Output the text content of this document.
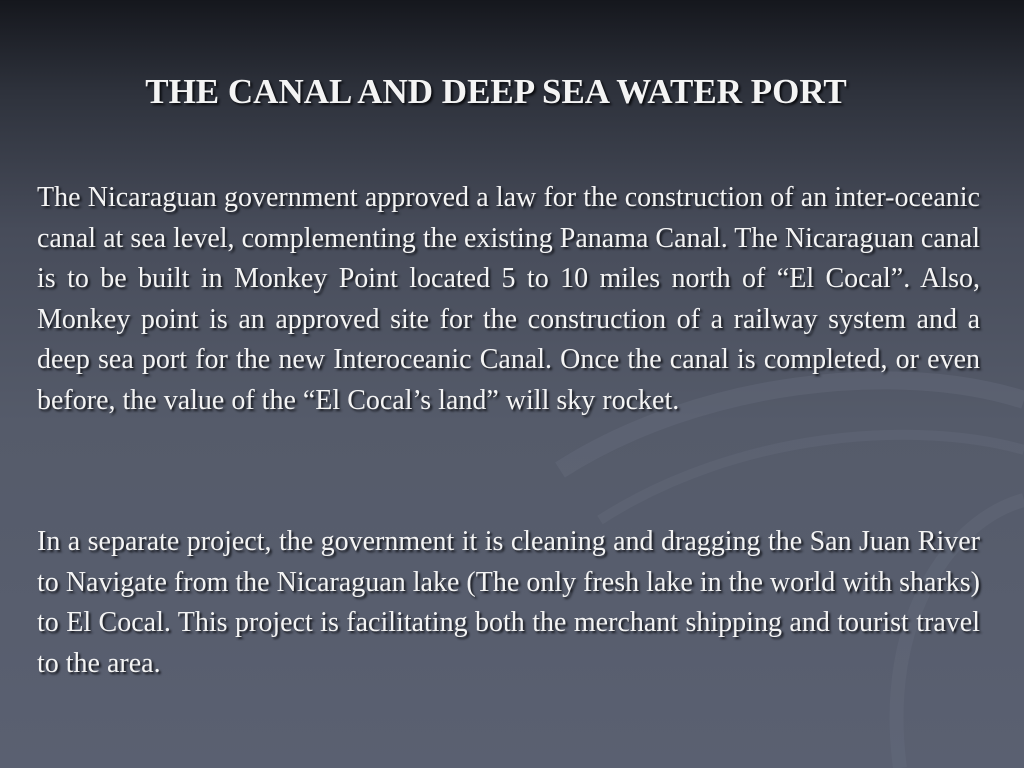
THE CANAL AND DEEP SEA WATER PORT
The Nicaraguan government approved a law for the construction of an inter-oceanic canal at sea level, complementing the existing Panama Canal. The Nicaraguan canal is to be built in Monkey Point located 5 to 10 miles north of “El Cocal”. Also, Monkey point is an approved site for the construction of a railway system and a deep sea port for the new Interoceanic Canal. Once the canal is completed, or even before, the value of the “El Cocal’s land” will sky rocket.
In a separate project, the government it is cleaning and dragging the San Juan River to Navigate from the Nicaraguan lake (The only fresh lake in the world with sharks) to El Cocal. This project is facilitating both the merchant shipping and tourist travel to the area.
